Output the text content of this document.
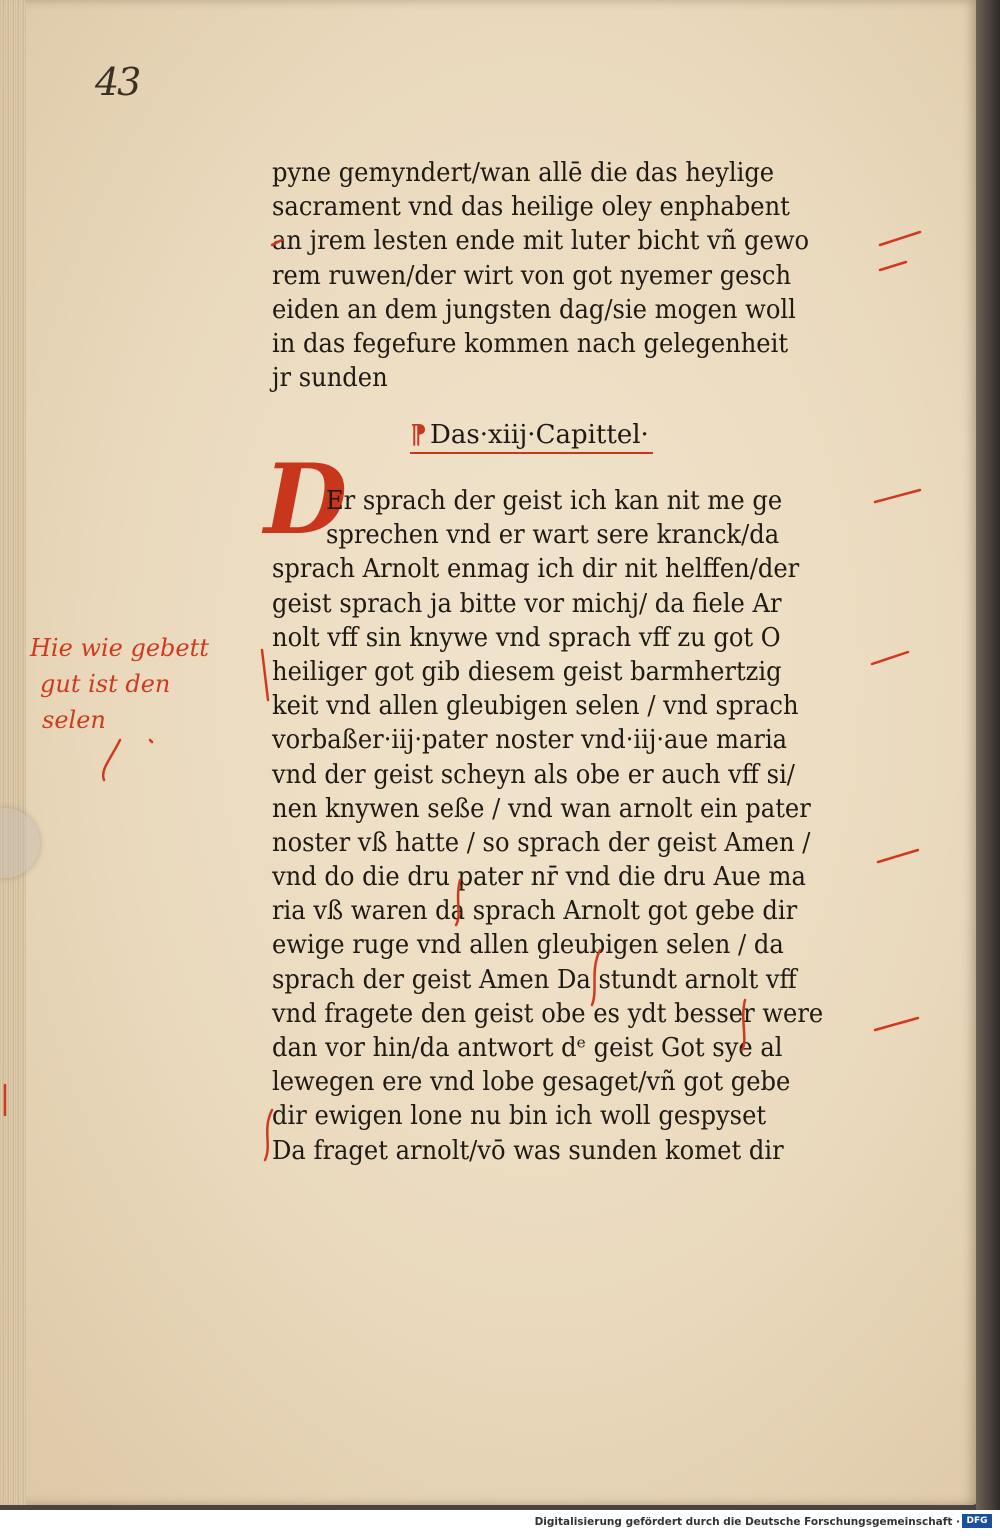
43
pyne gemyndert/wan allē die das heylige
sacrament vnd das heilige oley enphabent
an jrem lesten ende mit luter bicht vñ gewo
rem ruwen/der wirt von got nyemer gesch
eiden an dem jungsten dag/sie mogen woll
in das fegefure kommen nach gelegenheit
jr sunden
⁋ Das·xiij·Capittel·
D
Er sprach der geist ich kan nit me ge
sprechen vnd er wart sere kranck/da
sprach Arnolt enmag ich dir nit helffen/der
geist sprach ja bitte vor michj/ da fiele Ar
nolt vff sin knywe vnd sprach vff zu got O
heiliger got gib diesem geist barmhertzig
keit vnd allen gleubigen selen / vnd sprach
vorbaßer·iij·pater noster vnd·iij·aue maria
vnd der geist scheyn als obe er auch vff si/
nen knywen seße / vnd wan arnolt ein pater
noster vß hatte / so sprach der geist Amen /
vnd do die dru pater nr̄ vnd die dru Aue ma
ria vß waren da sprach Arnolt got gebe dir
ewige ruge vnd allen gleubigen selen / da
sprach der geist Amen Da stundt arnolt vff
vnd fragete den geist obe es ydt besser were
dan vor hin/da antwort dᵉ geist Got sye al
lewegen ere vnd lobe gesaget/vñ got gebe
dir ewigen lone nu bin ich woll gespyset
Da fraget arnolt/vō was sunden komet dir
Hie wie gebett
gut ist den
selen
Digitalisierung gefördert durch die Deutsche Forschungsgemeinschaft · DFG
